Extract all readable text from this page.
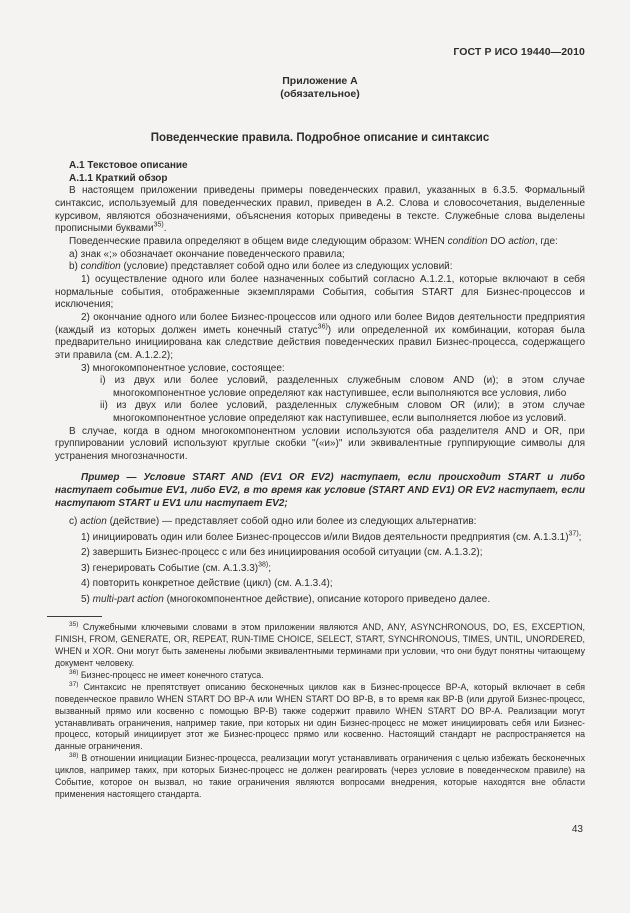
ГОСТ Р ИСО 19440—2010
Приложение А
(обязательное)
Поведенческие правила. Подробное описание и синтаксис

А.1 Текстовое описание

А.1.1 Краткий обзор

В настоящем приложении приведены примеры поведенческих правил, указанных в 6.3.5. Формальный синтаксис, используемый для поведенческих правил, приведен в А.2. Слова и словосочетания, выделенные курсивом, являются обозначениями, объяснения которых приведены в тексте. Служебные слова выделены прописными буквами$^{35)}$.

Поведенческие правила определяют в общем виде следующим образом: WHEN condition DO action, где:

а) знак «;» обозначает окончание поведенческого правила;

b) condition (условие) представляет собой одно или более из следующих условий:

1) осуществление одного или более назначенных событий согласно А.1.2.1, которые включают в себя нормальные события, отображенные экземплярами События, события START для Бизнес-процессов и исключения;

2) окончание одного или более Бизнес-процессов или одного или более Видов деятельности предприятия (каждый из которых должен иметь конечный статус$^{36)}$) или определенной их комбинации, которая была предварительно инициирована как следствие действия поведенческих правил Бизнес-процесса, содержащего эти правила (см. А.1.2.2);

3) многокомпонентное условие, состоящее:

i) из двух или более условий, разделенных служебным словом AND (и); в этом случае многокомпонентное условие определяют как наступившее, если выполняются все условия, либо

ii) из двух или более условий, разделенных служебным словом OR (или); в этом случае многокомпонентное условие определяют как наступившее, если выполняется любое из условий.

В случае, когда в одном многокомпонентном условии используются оба разделителя AND и OR, при группировании условий используют круглые скобки "(«и»)" или эквивалентные группирующие символы для устранения многозначности.

Пример — Условие START AND (EV1 OR EV2) наступает, если происходит START и либо наступает событие EV1, либо EV2, в то время как условие (START AND EV1) OR EV2 наступает, если наступают START и EV1 или наступает EV2;

с) action (действие) — представляет собой одно или более из следующих альтернатив:

1) инициировать один или более Бизнес-процессов и/или Видов деятельности предприятия (см. А.1.3.1)$^{37)}$;

2) завершить Бизнес-процесс с или без инициирования особой ситуации (см. А.1.3.2);

3) генерировать Событие (см. А.1.3.3)$^{38)}$;

4) повторить конкретное действие (цикл) (см. А.1.3.4);

5) multi-part action (многокомпонентное действие), описание которого приведено далее.

$^{35)}$ Служебными ключевыми словами в этом приложении являются AND, ANY, ASYNCHRONOUS, DO, ES, EXCEPTION, FINISH, FROM, GENERATE, OR, REPEAT, RUN-TIME CHOICE, SELECT, START, SYNCHRONOUS, TIMES, UNTIL, UNORDERED, WHEN и XOR. Они могут быть заменены любыми эквивалентными терминами при условии, что они будут понятны читающему документ человеку.

$^{36)}$ Бизнес-процесс не имеет конечного статуса.

$^{37)}$ Синтаксис не препятствует описанию бесконечных циклов как в Бизнес-процессе ВР-А, который включает в себя поведенческое правило WHEN START DO ВР-А или WHEN START DO ВР-В, в то время как ВР-В (или другой Бизнес-процесс, вызванный прямо или косвенно с помощью ВР-В) также содержит правило WHEN START DO ВР-А. Реализации могут устанавливать ограничения, например такие, при которых ни один Бизнес-процесс не может инициировать себя или Бизнес-процесс, который инициирует этот же Бизнес-процесс прямо или косвенно. Настоящий стандарт не распространяется на данные ограничения.

$^{38)}$ В отношении инициации Бизнес-процесса, реализации могут устанавливать ограничения с целью избежать бесконечных циклов, например таких, при которых Бизнес-процесс не должен реагировать (через условие в поведенческом правиле) на Событие, которое он вызвал, но такие ограничения являются вопросами внедрения, которые находятся вне области применения настоящего стандарта.

43
